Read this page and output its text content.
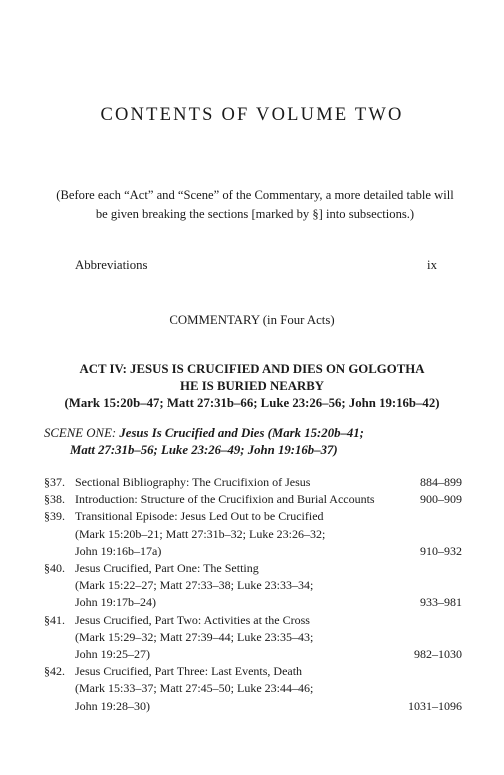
CONTENTS OF VOLUME TWO
(Before each “Act” and “Scene” of the Commentary, a more detailed table will
be given breaking the sections [marked by §] into subsections.)
Abbreviations	ix
COMMENTARY (in Four Acts)
ACT IV: JESUS IS CRUCIFIED AND DIES ON GOLGOTHA
HE IS BURIED NEARBY
(Mark 15:20b–47; Matt 27:31b–66; Luke 23:26–56; John 19:16b–42)
SCENE ONE: Jesus Is Crucified and Dies (Mark 15:20b–41;
Matt 27:31b–56; Luke 23:26–49; John 19:16b–37)
§37. Sectional Bibliography: The Crucifixion of Jesus	884–899
§38. Introduction: Structure of the Crucifixion and Burial Accounts	900–909
§39. Transitional Episode: Jesus Led Out to be Crucified
(Mark 15:20b–21; Matt 27:31b–32; Luke 23:26–32;
John 19:16b–17a)	910–932
§40. Jesus Crucified, Part One: The Setting
(Mark 15:22–27; Matt 27:33–38; Luke 23:33–34;
John 19:17b–24)	933–981
§41. Jesus Crucified, Part Two: Activities at the Cross
(Mark 15:29–32; Matt 27:39–44; Luke 23:35–43;
John 19:25–27)	982–1030
§42. Jesus Crucified, Part Three: Last Events, Death
(Mark 15:33–37; Matt 27:45–50; Luke 23:44–46;
John 19:28–30)	1031–1096
